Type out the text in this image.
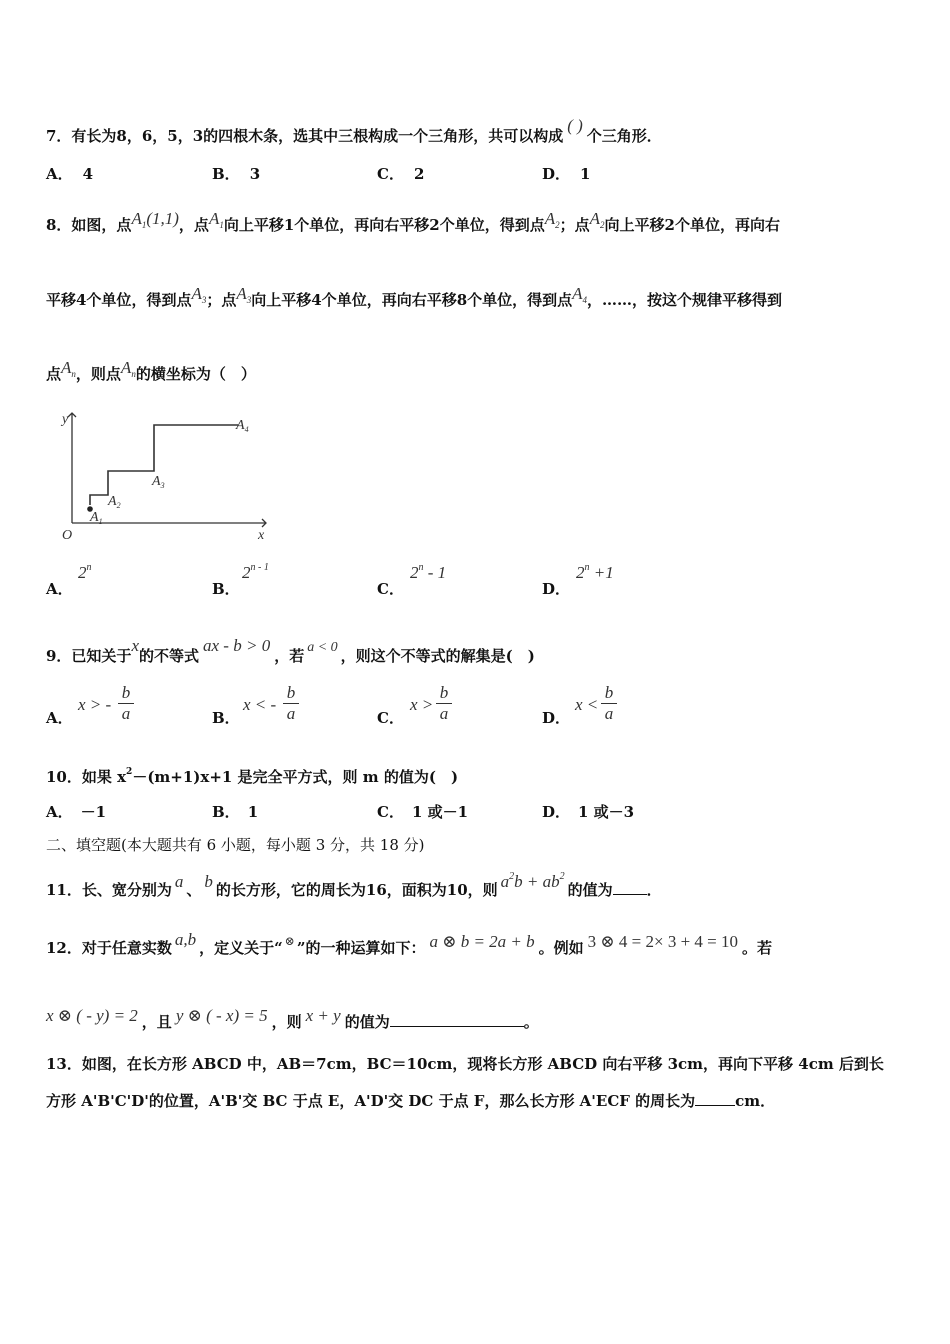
7．有长为8，6，5，3的四根木条，选其中三根构成一个三角形，共可以构成( )个三角形．
A． 4	B． 3	C． 2	D． 1
8．如图，点$A_1(1,1)$，点$A_1$向上平移1个单位，再向右平移2个单位，得到点$A_2$；点$A_2$向上平移2个单位，再向右
平移4个单位，得到点$A_3$；点$A_3$向上平移4个单位，再向右平移8个单位，得到点$A_4$，……，按这个规律平移得到
点$A_n$，则点$A_n$的横坐标为（　）
y
x
O
$A_1$
$A_2$
$A_3$
$A_4$
A．
2$^n$
B．
2$^{n - 1}$
C．
2$^n$ - 1
D．
$2^n +1$
9．已知关于x的不等式ax - b > 0，若 a < 0 ，则这个不等式的解集是(　)
A．
x > - $\frac{b}{a}$	B．
x < - $\frac{b}{a}$	C．
$x > \frac{b}{a}$	D．
$x < \frac{b}{a}$
10．如果 $x^2-(m+1)x+1$ 是完全平方式，则 m 的值为(　)
A． －1	B． 1	C． 1 或－1	D． 1 或－3
二、填空题(本大题共有 6 小题，每小题 3 分，共 18 分)
11．长、宽分别为 a 、 b 的长方形，它的周长为16，面积为10，则 $a^2b + ab^2$的值为 ．
12．对于任意实数 a,b ，定义关于“ ⊗ ”的一种运算如下： a ⊗ b = 2a + b 。例如 3 ⊗ 4 = 2× 3 + 4 = 10 。若
x ⊗ ( - y) = 2 ，且 y ⊗ ( - x) = 5 ，则 x + y 的值为	。
13．如图，在长方形 ABCD 中，AB＝7cm，BC＝10cm，现将长方形 ABCD 向右平移 3cm，再向下平移 4cm 后到长
方形 A'B'C'D'的位置，A'B'交 BC 于点 E，A'D'交 DC 于点 F，那么长方形 A'ECF 的周长为	cm．
